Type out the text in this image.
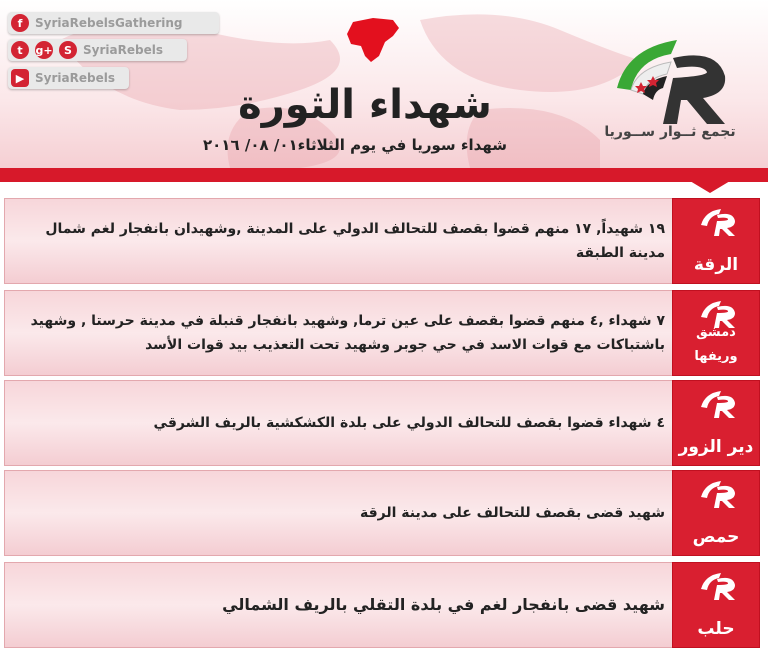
f	SyriaRebelsGathering
t	g+	S SyriaRebels
▶ SyriaRebels
شهداء الثورة
شهداء سوريا في يوم الثلاثاء٠١/ ٠٨/ ٢٠١٦
تجمع ثــوار ســوريا
١٩ شهيداً, ١٧ منهم قضوا بقصف للتحالف الدولي على المدينة ,وشهيدان بانفجار لغم شمال مدينة الطبقة
الرقة
٧ شهداء ,٤ منهم قضوا بقصف على عين ترما, وشهيد بانفجار قنبلة في مدينة حرستا , وشهيد باشتباكات مع قوات الاسد في حي جوبر وشهيد تحت التعذيب بيد قوات الأسد
دمشق وريفها
٤ شهداء قضوا بقصف للتحالف الدولي على بلدة الكشكشية بالريف الشرقي
دير الزور
شهيد قضى بقصف للتحالف على مدينة الرقة
حمص
شهيد قضى بانفجار لغم في بلدة التقلي بالريف الشمالي
حلب
